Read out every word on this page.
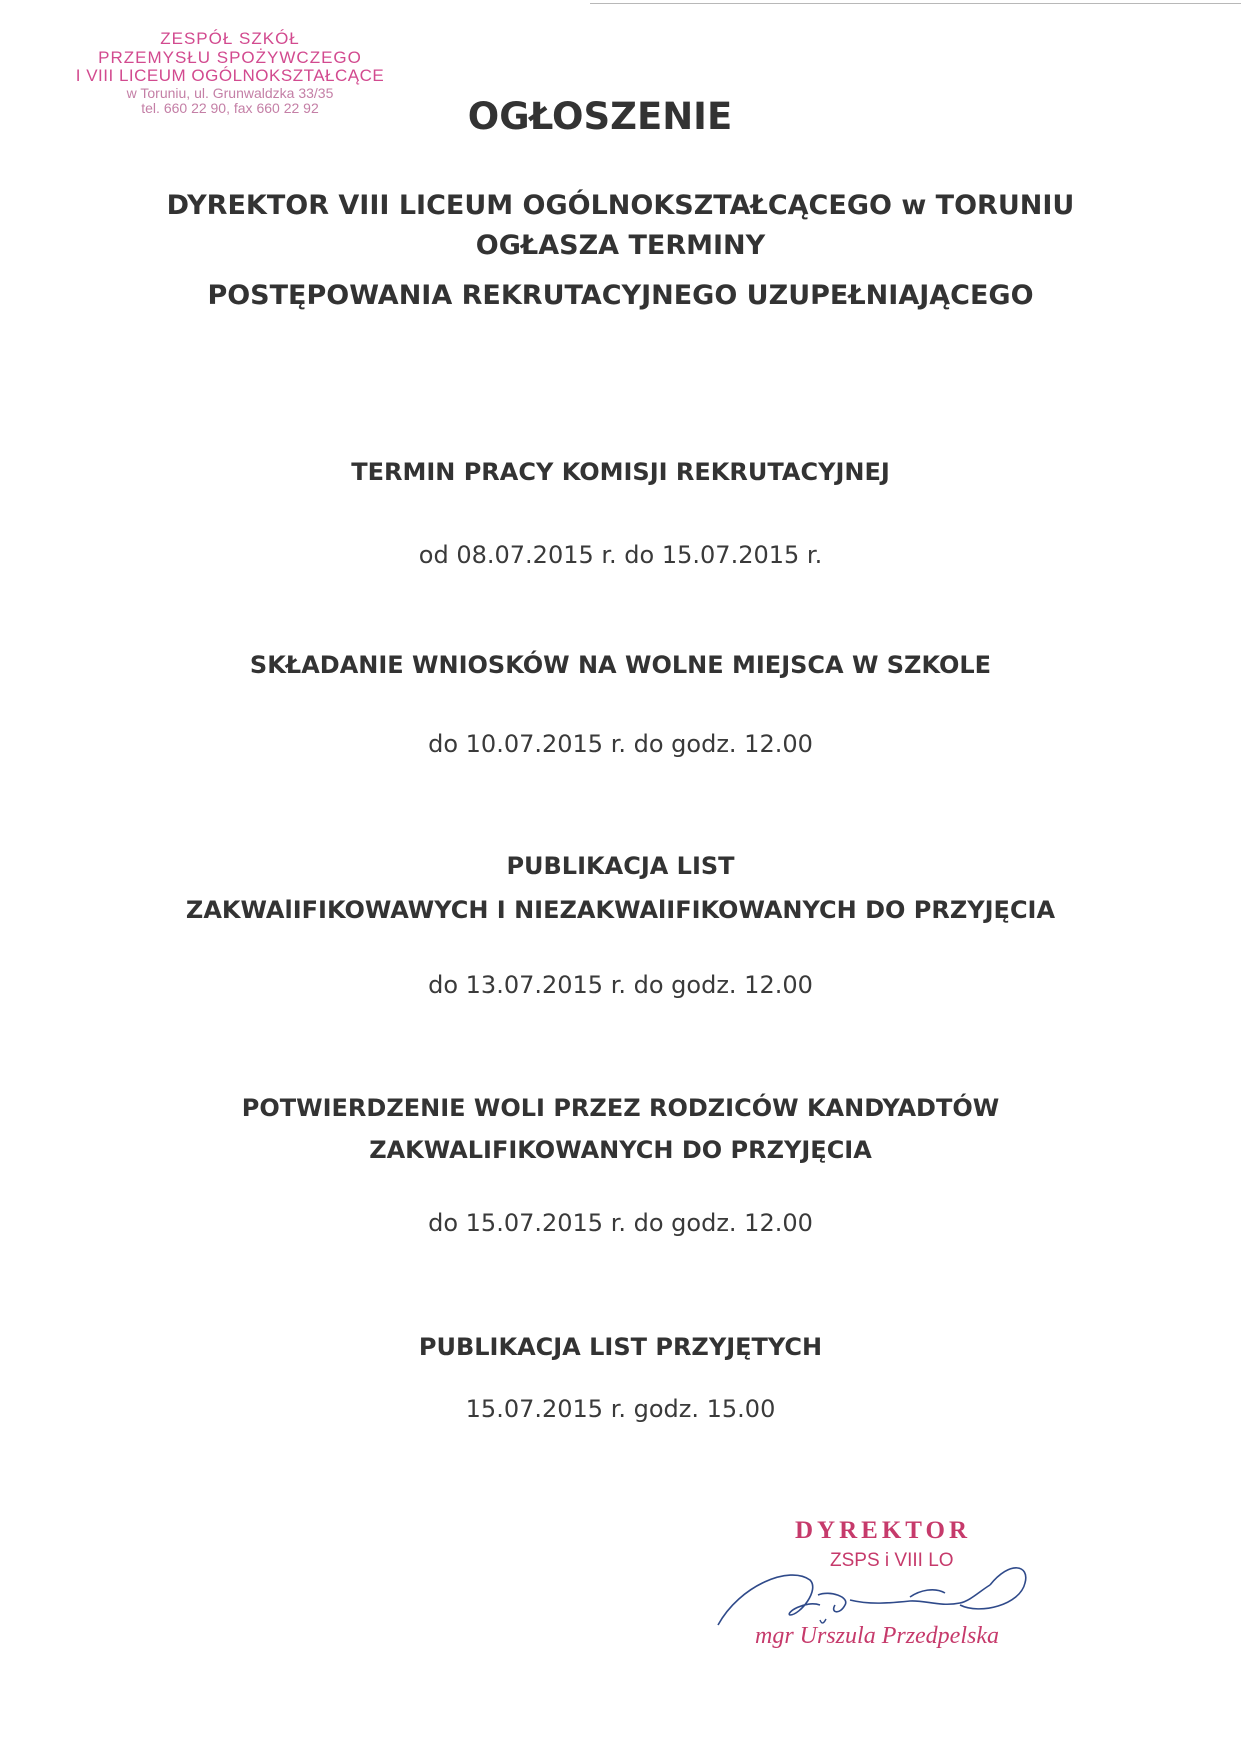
ZESPÓŁ SZKÓŁ
PRZEMYSŁU SPOŻYWCZEGO
I VIII LICEUM OGÓLNOKSZTAŁCĄCE
w Toruniu, ul. Grunwaldzka 33/35
tel. 660 22 90, fax 660 22 92	OGŁOSZENIE
DYREKTOR VIII LICEUM OGÓLNOKSZTAŁCĄCEGO w TORUNIU
OGŁASZA TERMINY
POSTĘPOWANIA REKRUTACYJNEGO UZUPEŁNIAJĄCEGO
TERMIN PRACY KOMISJI REKRUTACYJNEJ
od 08.07.2015 r. do 15.07.2015 r.
SKŁADANIE WNIOSKÓW NA WOLNE MIEJSCA W SZKOLE
do 10.07.2015 r. do godz. 12.00
PUBLIKACJA LIST
ZAKWAlIFIKOWAWYCH I NIEZAKWAlIFIKOWANYCH DO PRZYJĘCIA
do 13.07.2015 r. do godz. 12.00
POTWIERDZENIE WOLI PRZEZ RODZICÓW KANDYADTÓW
ZAKWALIFIKOWANYCH DO PRZYJĘCIA
do 15.07.2015 r. do godz. 12.00
PUBLIKACJA LIST PRZYJĘTYCH
15.07.2015 r. godz. 15.00
DYREKTOR
ZSPS i VIII LO
mgr Urszula Przedpelska
